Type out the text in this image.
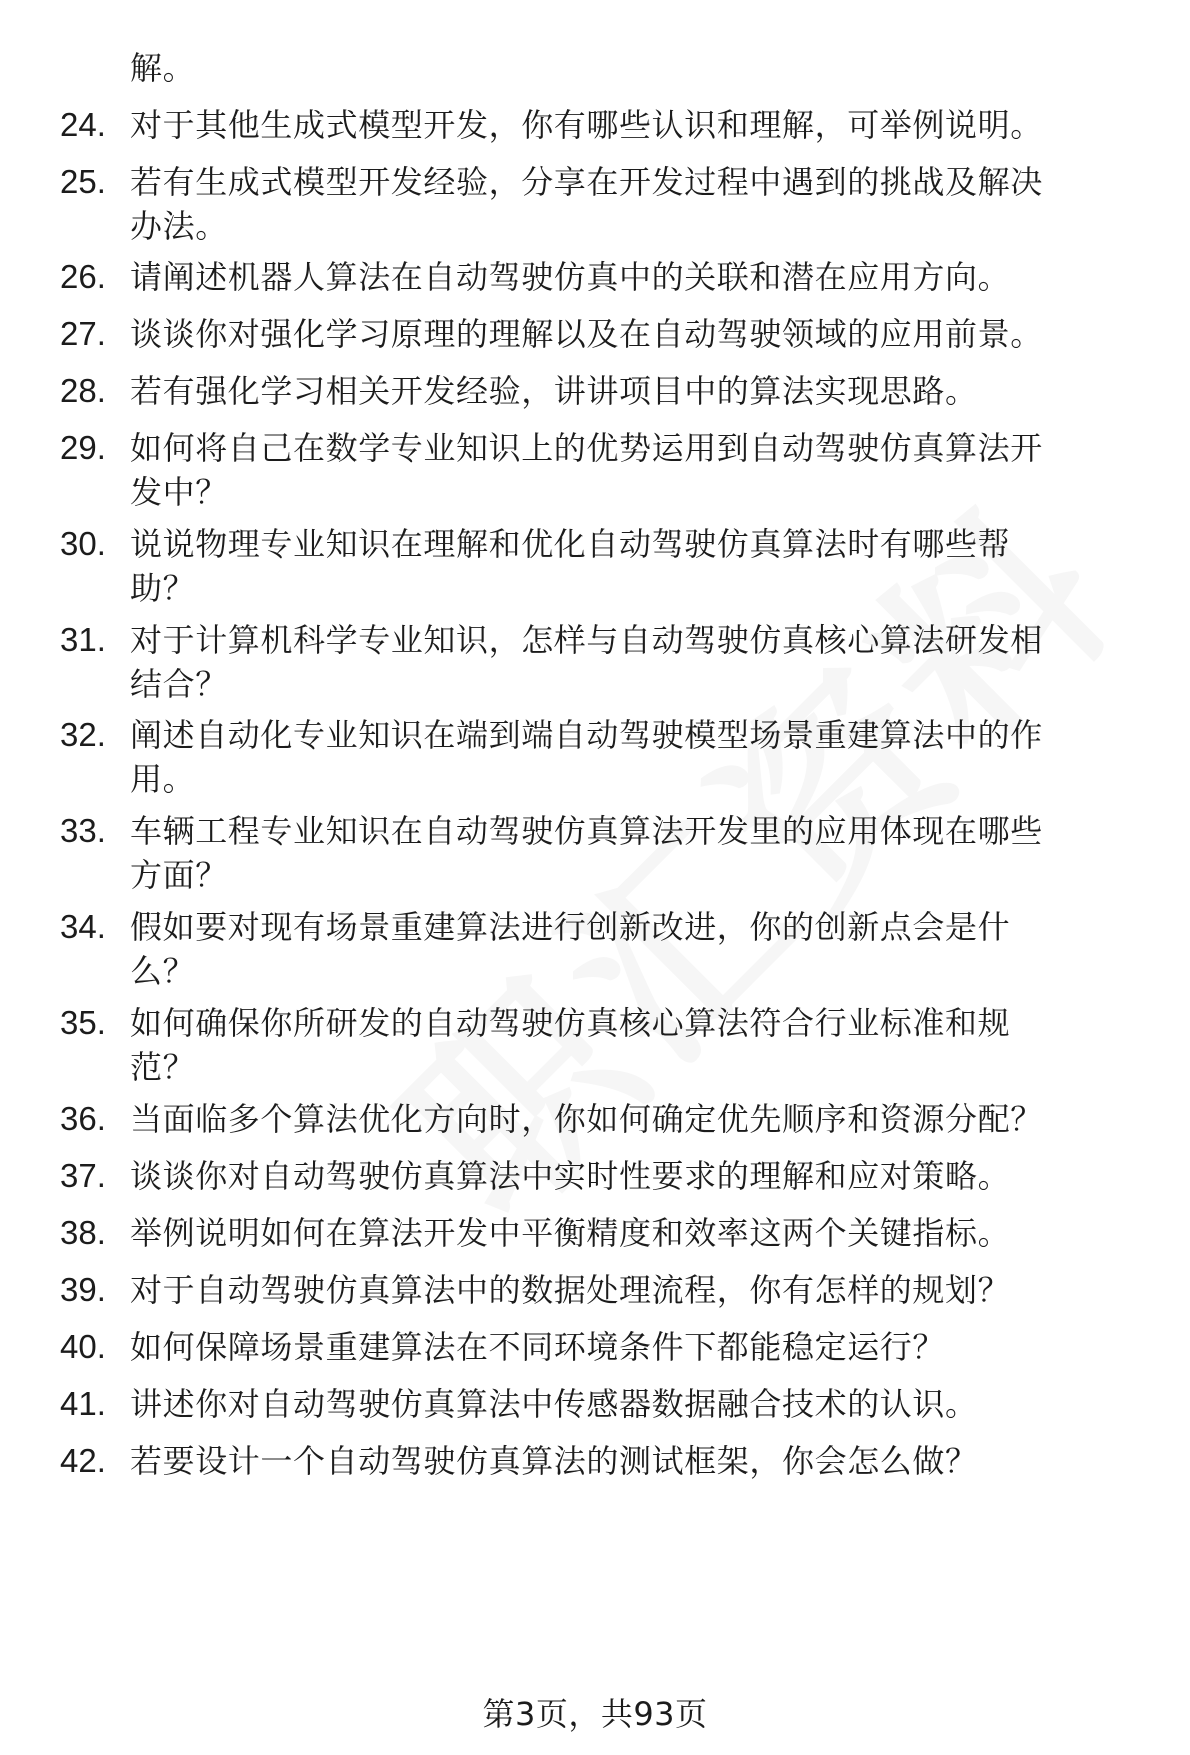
解。
24. 对于其他生成式模型开发，你有哪些认识和理解，可举例说明。
25. 若有生成式模型开发经验，分享在开发过程中遇到的挑战及解决
办法。
26. 请阐述机器人算法在自动驾驶仿真中的关联和潜在应用方向。
27. 谈谈你对强化学习原理的理解以及在自动驾驶领域的应用前景。
28. 若有强化学习相关开发经验，讲讲项目中的算法实现思路。
29. 如何将自己在数学专业知识上的优势运用到自动驾驶仿真算法开
发中？
30. 说说物理专业知识在理解和优化自动驾驶仿真算法时有哪些帮
助？
31. 对于计算机科学专业知识，怎样与自动驾驶仿真核心算法研发相
结合？
32. 阐述自动化专业知识在端到端自动驾驶模型场景重建算法中的作
用。
33. 车辆工程专业知识在自动驾驶仿真算法开发里的应用体现在哪些
方面？
34. 假如要对现有场景重建算法进行创新改进，你的创新点会是什
么？
35. 如何确保你所研发的自动驾驶仿真核心算法符合行业标准和规
范？
36. 当面临多个算法优化方向时，你如何确定优先顺序和资源分配？
37. 谈谈你对自动驾驶仿真算法中实时性要求的理解和应对策略。
38. 举例说明如何在算法开发中平衡精度和效率这两个关键指标。
39. 对于自动驾驶仿真算法中的数据处理流程，你有怎样的规划？
40. 如何保障场景重建算法在不同环境条件下都能稳定运行？
41. 讲述你对自动驾驶仿真算法中传感器数据融合技术的认识。
42. 若要设计一个自动驾驶仿真算法的测试框架，你会怎么做？
第3页，共93页
